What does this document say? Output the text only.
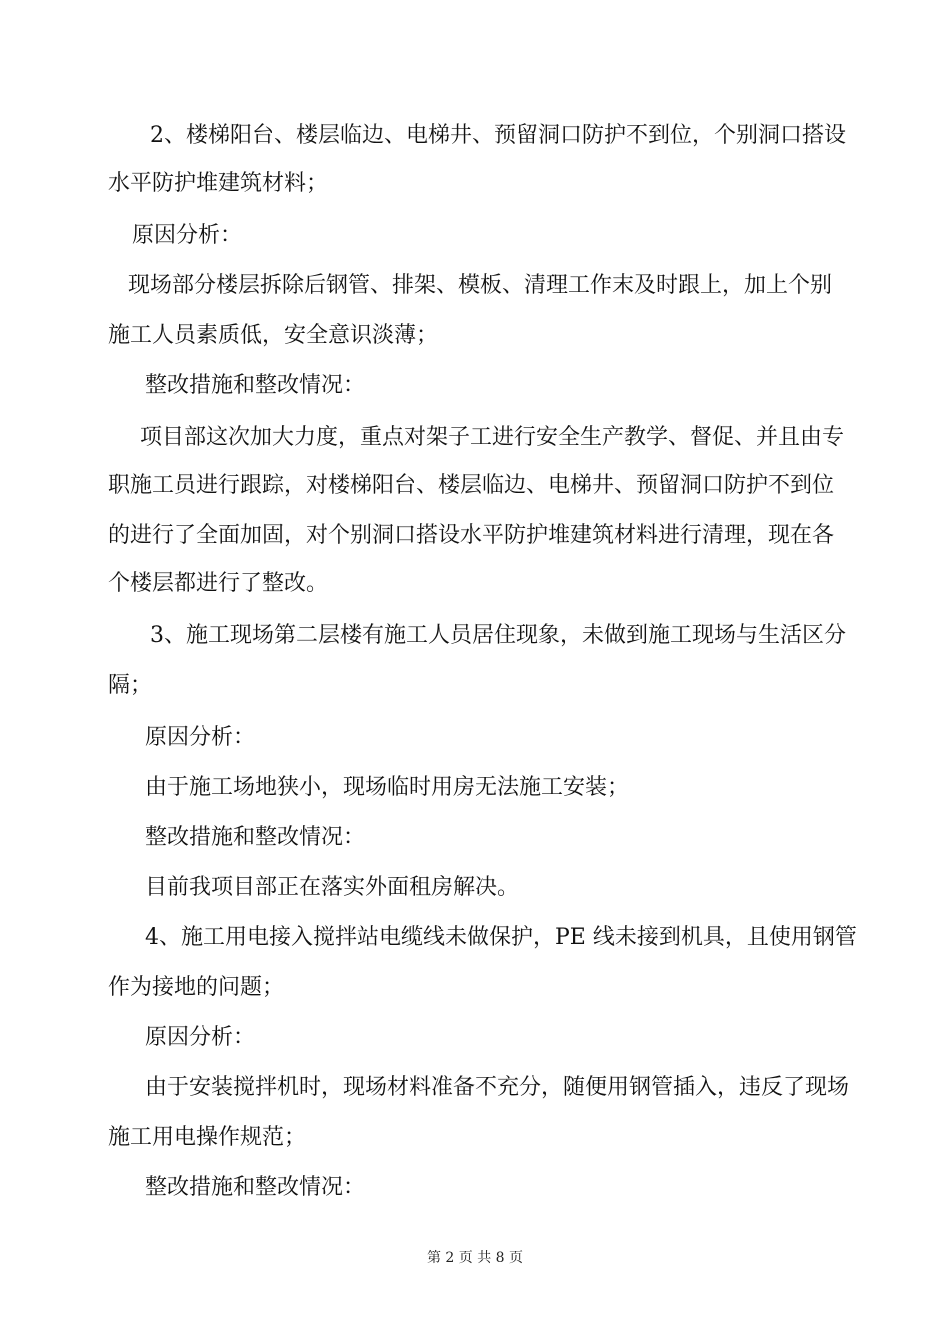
2、楼梯阳台、楼层临边、电梯井、预留洞口防护不到位，个别洞口搭设
水平防护堆建筑材料；
原因分析：
现场部分楼层拆除后钢管、排架、模板、清理工作末及时跟上，加上个别
施工人员素质低，安全意识淡薄；
整改措施和整改情况：
项目部这次加大力度，重点对架子工进行安全生产教学、督促、并且由专
职施工员进行跟踪，对楼梯阳台、楼层临边、电梯井、预留洞口防护不到位
的进行了全面加固，对个别洞口搭设水平防护堆建筑材料进行清理，现在各
个楼层都进行了整改。
3、施工现场第二层楼有施工人员居住现象，未做到施工现场与生活区分
隔；
原因分析：
由于施工场地狭小，现场临时用房无法施工安装；
整改措施和整改情况：
目前我项目部正在落实外面租房解决。
4、施工用电接入搅拌站电缆线未做保护，PE 线未接到机具，且使用钢管
作为接地的问题；
原因分析：
由于安装搅拌机时，现场材料准备不充分，随便用钢管插入，违反了现场
施工用电操作规范；
整改措施和整改情况：
第 2 页 共 8 页
